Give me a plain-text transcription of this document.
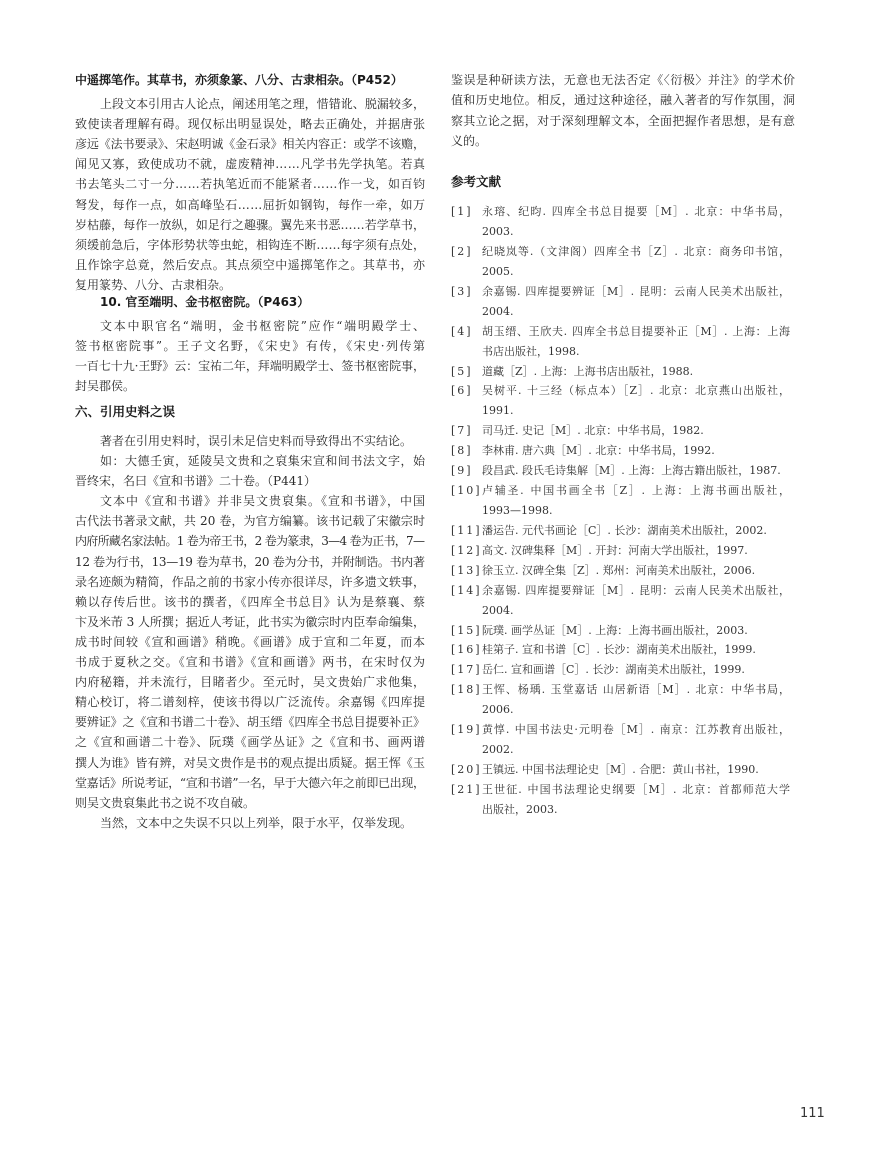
中遥掷笔作。其草书，亦须象篆、八分、古隶相杂。（P452）
上段文本引用古人论点，阐述用笔之理，惜错讹、脱漏较多，
致使读者理解有碍。现仅标出明显误处，略去正确处，并据唐张
彦远《法书要录》、宋赵明诚《金石录》相关内容正：或学不该赡，
闻见又寡，致使成功不就，虚废精神……凡学书先学执笔。若真
书去笔头二寸一分……若执笔近而不能紧者……作一戈，如百钧
弩发，每作一点，如高峰坠石……屈折如钢钩，每作一牵，如万
岁枯藤，每作一放纵，如足行之趣骤。翼先来书恶……若学草书，
须缓前急后，字体形势状等虫蛇，相钩连不断……每字须有点处，
且作馀字总竟，然后安点。其点须空中遥掷笔作之。其草书，亦
复用篆势、八分、古隶相杂。
10. 官至端明、金书枢密院。（P463）
文本中职官名“端明，金书枢密院”应作“端明殿学士、
签书枢密院事”。王子文名野，《宋史》有传，《宋史·列传第
一百七十九·王野》云：宝祐二年，拜端明殿学士、签书枢密院事，
封吴郡侯。
六、引用史料之误
著者在引用史料时，误引未足信史料而导致得出不实结论。
如：大德壬寅，延陵吴文贵和之裒集宋宣和间书法文字，始
晋终宋，名曰《宣和书谱》二十卷。（P441）
文本中《宣和书谱》并非吴文贵裒集。《宣和书谱》，中国
古代法书著录文献，共 20 卷，为官方编纂。该书记载了宋徽宗时
内府所藏名家法帖。1 卷为帝王书，2 卷为篆隶，3—4 卷为正书，7—
12 卷为行书，13—19 卷为草书，20 卷为分书，并附制诰。书内著
录名迹颇为精简，作品之前的书家小传亦很详尽，许多遗文轶事，
赖以存传后世。该书的撰者，《四库全书总目》认为是蔡襄、蔡
卞及米芾 3 人所撰；据近人考证，此书实为徽宗时内臣奉命编集，
成书时间较《宣和画谱》稍晚。《画谱》成于宣和二年夏，而本
书成于夏秋之交。《宣和书谱》《宣和画谱》两书，在宋时仅为
内府秘籍，并未流行，目睹者少。至元时，吴文贵始广求他集，
精心校订，将二谱刻梓，使该书得以广泛流传。余嘉锡《四库提
要辨证》之《宣和书谱二十卷》、胡玉缙《四库全书总目提要补正》
之《宣和画谱二十卷》、阮璞《画学丛证》之《宣和书、画两谱
撰人为谁》皆有辨，对吴文贵作是书的观点提出质疑。据王恽《玉
堂嘉话》所说考证，“宣和书谱”一名，早于大德六年之前即已出现，
则吴文贵裒集此书之说不攻自破。
当然，文本中之失误不只以上列举，限于水平，仅举发现。
鉴误是种研读方法，无意也无法否定《〈衍极〉并注》的学术价
值和历史地位。相反，通过这种途径，融入著者的写作氛围，洞
察其立论之据，对于深刻理解文本，全面把握作者思想，是有意
义的。
参考文献
[1] 永瑢、纪昀. 四库全书总目提要［M］. 北京：中华书局，
2003.
[2] 纪晓岚等.（文津阁）四库全书［Z］. 北京：商务印书馆，
2005.
[3] 余嘉锡. 四库提要辨证［M］. 昆明：云南人民美术出版社，
2004.
[4] 胡玉缙、王欣夫. 四库全书总目提要补正［M］. 上海：上海
书店出版社，1998.
[5] 道藏［Z］. 上海：上海书店出版社，1988.
[6] 吴树平. 十三经（标点本）［Z］. 北京：北京燕山出版社，
1991.
[7] 司马迁. 史记［M］. 北京：中华书局，1982.
[8] 李林甫. 唐六典［M］. 北京：中华书局，1992.
[9] 段昌武. 段氏毛诗集解［M］. 上海：上海古籍出版社，1987.
[10] 卢辅圣. 中国书画全书［Z］. 上海：上海书画出版社，
1993—1998.
[11] 潘运告. 元代书画论［C］. 长沙：湖南美术出版社，2002.
[12] 高文. 汉碑集释［M］. 开封：河南大学出版社，1997.
[13] 徐玉立. 汉碑全集［Z］. 郑州：河南美术出版社，2006.
[14] 余嘉锡. 四库提要辩证［M］. 昆明：云南人民美术出版社，
2004.
[15] 阮璞. 画学丛证［M］. 上海：上海书画出版社，2003.
[16] 桂第子. 宣和书谱［C］. 长沙：湖南美术出版社，1999.
[17] 岳仁. 宣和画谱［C］. 长沙：湖南美术出版社，1999.
[18] 王恽、杨瑀. 玉堂嘉话 山居新语［M］. 北京：中华书局，
2006.
[19] 黄惇. 中国书法史·元明卷［M］. 南京：江苏教育出版社，
2002.
[20] 王镇远. 中国书法理论史［M］. 合肥：黄山书社，1990.
[21] 王世征. 中国书法理论史纲要［M］. 北京：首都师范大学
出版社，2003.
111
